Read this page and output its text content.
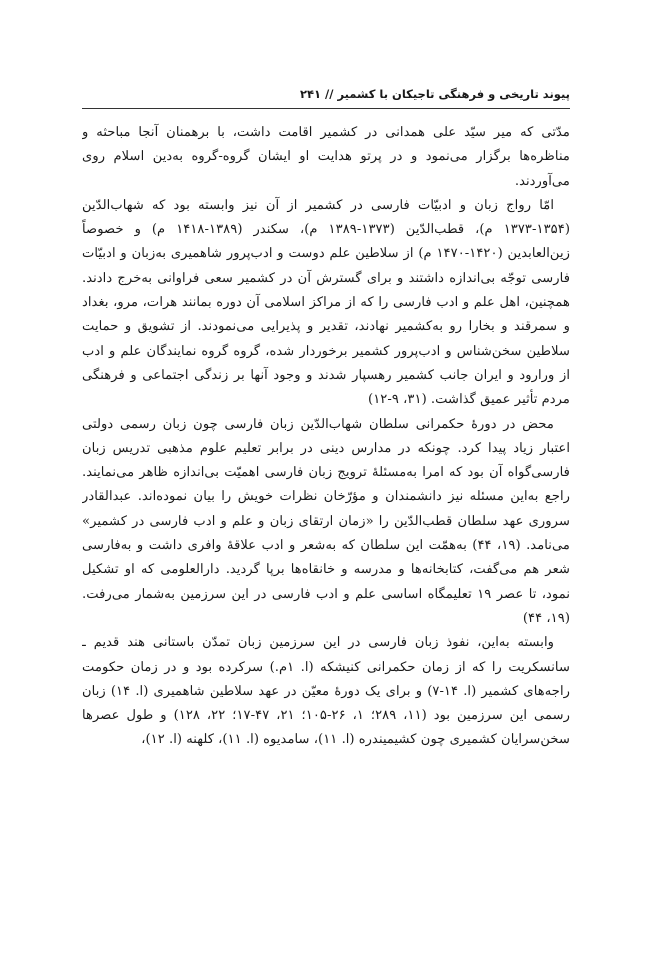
پیوند تاریخی و فرهنگی تاجیکان با کشمیر // ۲۴۱

مدّتی که میر سیّد علی همدانی در کشمیر اقامت داشت، با برهمنان آنجا مباحثه و مناظره‌ها برگزار می‌نمود و در پرتو هدایت او ایشان گروه‌-گروه به‌دین اسلام روی می‌آوردند.

امّا رواج زبان و ادبیّات فارسی در کشمیر از آن نیز وابسته بود که شهاب‌الدّین (۱۳۵۴-۱۳۷۳ م)، قطب‌الدّین (۱۳۷۳-۱۳۸۹ م)، سکندر (۱۳۸۹-۱۴۱۸ م) و خصوصاً زین‌العابدین (۱۴۲۰-۱۴۷۰ م) از سلاطین علم دوست و ادب‌پرور شاهمیری به‌زبان و ادبیّات فارسی توجّه بی‌اندازه داشتند و برای گسترش آن در کشمیر سعی فراوانی به‌خرج دادند. همچنین، اهل علم و ادب فارسی را که از مراکز اسلامی آن دوره بمانند هرات، مرو، بغداد و سمرقند و بخارا رو به‌کشمیر نهادند، تقدیر و پذیرایی می‌نمودند. از تشویق و حمایت سلاطین سخن‌شناس و ادب‌پرور کشمیر برخوردار شده، گروه گروه نمایندگان علم و ادب از ورارود و ایران جانب کشمیر رهسپار شدند و وجود آنها بر زندگی اجتماعی و فرهنگی مردم تأثیر عمیق گذاشت. (۳۱، ۹-۱۲)

محض در دورهٔ حکمرانی سلطان شهاب‌الدّین زبان فارسی چون زبان رسمی دولتی اعتبار زیاد پیدا کرد. چونکه در مدارس دینی در برابر تعلیم علوم مذهبی تدریس زبان فارسی‌گواه آن بود که امرا به‌مسئلهٔ ترویج زبان فارسی اهمیّت بی‌اندازه ظاهر می‌نمایند. راجع به‌این مسئله نیز دانشمندان و مؤرّخان نظرات خویش را بیان نموده‌اند. عبدالقادر سروری عهد سلطان قطب‌الدّین را «زمان ارتقای زبان و علم و ادب فارسی در کشمیر» می‌نامد. (۱۹، ۴۴) به‌همّت این سلطان که به‌شعر و ادب علاقهٔ وافری داشت و به‌فارسی شعر هم می‌گفت، کتابخانه‌ها و مدرسه و خانقاه‌ها برپا گردید. دارالعلومی که او تشکیل نمود، تا عصر ۱۹ تعلیمگاه اساسی علم و ادب فارسی در این سرزمین به‌شمار می‌رفت. (۱۹، ۴۴)

وابسته به‌این، نفوذ زبان فارسی در این سرزمین زبان تمدّن باستانی هند قدیم ـ سانسکریت را که از زمان حکمرانی کنیشکه (ا. ۱م.) سرکرده بود و در زمان حکومت راجه‌های کشمیر (ا. ۱۴-۷) و برای یک دورهٔ معیّن در عهد سلاطین شاهمیری (ا. ۱۴) زبان رسمی این سرزمین بود (۱۱، ۲۸۹؛ ۱، ۲۶-۱۰۵؛ ۲۱، ۴۷-۱۷؛ ۲۲، ۱۲۸) و طول عصرها سخن‌سرایان کشمیری چون کشیمیندره (ا. ۱۱)، سامدیوه (ا. ۱۱)، کلهنه (ا. ۱۲)،
